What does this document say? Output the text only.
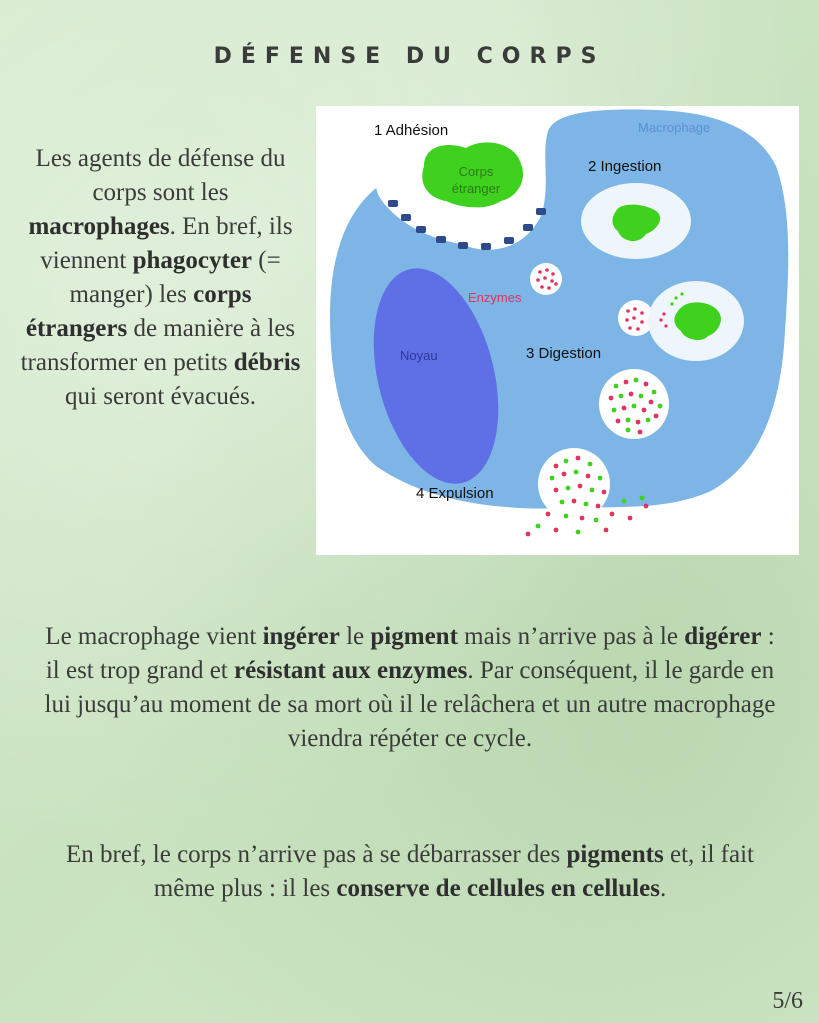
DÉFENSE DU CORPS
Les agents de défense du corps sont les macrophages. En bref, ils viennent phagocyter (= manger) les corps étrangers de manière à les transformer en petits débris qui seront évacués.
Corps
étranger
1 Adhésion	Macrophage
2 Ingestion
Enzymes
Noyau	3 Digestion
4 Expulsion
Le macrophage vient ingérer le pigment mais n’arrive pas à le digérer : il est trop grand et résistant aux enzymes. Par conséquent, il le garde en lui jusqu’au moment de sa mort où il le relâchera et un autre macrophage viendra répéter ce cycle.
En bref, le corps n’arrive pas à se débarrasser des pigments et, il fait même plus : il les conserve de cellules en cellules.
5/6
